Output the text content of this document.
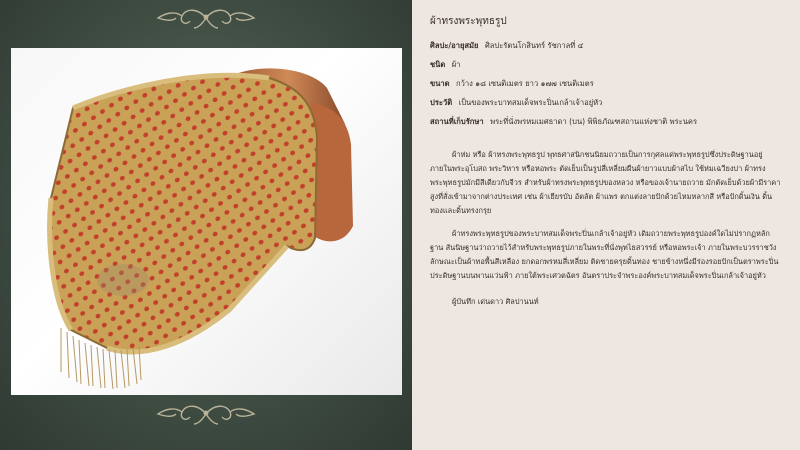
ผ้าทรงพระพุทธรูป
ศิลปะ/อายุสมัย ศิลปะรัตนโกสินทร์ รัชกาลที่ ๔
ชนิด ผ้า
ขนาด กว้าง ๑๘ เซนติเมตร ยาว ๑๗๗ เซนติเมตร
ประวัติ เป็นของพระบาทสมเด็จพระปิ่นเกล้าเจ้าอยู่หัว
สถานที่เก็บรักษา พระที่นั่งพรหมเมศธาดา (บน) พิพิธภัณฑสถานแห่งชาติ พระนคร
ผ้าห่ม หรือ ผ้าทรงพระพุทธรูป พุทธศาสนิกชนนิยมถวายเป็นการกุศลแด่พระพุทธรูปซึ่งประดิษฐานอยู่ภายในพระอุโบสถ พระวิหาร หรือหอพระ ตัดเย็บเป็นรูปสี่เหลี่ยมผืนผ้ายาวแบบผ้าสไบ ใช้ห่มเฉวียงบ่า ผ้าทรงพระพุทธรูปมักมีสีเดียวกับจีวร สำหรับผ้าทรงพระพุทธรูปของหลวง หรือของเจ้านายถวาย มักตัดเย็บด้วยผ้ามีราคาสูงที่สั่งเข้ามาจากต่างประเทศ เช่น ผ้าเยียรบับ อัตลัต ผ้าแพร ตกแต่งลายปักด้วยไหมหลากสี หรือปักดิ้นเงิน ดิ้นทองและดิ้นทรงกรุย
ผ้าทรงพระพุทธรูปของพระบาทสมเด็จพระปิ่นเกล้าเจ้าอยู่หัว เดิมถวายพระพุทธรูปองค์ใดไม่ปรากฏหลักฐาน สันนิษฐานว่าถวายไว้สำหรับพระพุทธรูปภายในพระที่นั่งพุทไธสวรรย์ หรือหอพระเจ้า ภายในพระบวรราชวัง ลักษณะเป็นผ้าทอพื้นสีเหลือง ยกดอกพรหมสี่เหลี่ยม ติดชายครุยดิ้นทอง ชายข้างหนึ่งมีร่องรอยปักเป็นตราพระปิ่นประดิษฐานบนพานแว่นฟ้า ภายใต้พระเศวตฉัตร อันตราประจำพระองค์พระบาทสมเด็จพระปิ่นเกล้าเจ้าอยู่หัว
ผู้บันทึก เด่นดาว ศิลปานนท์
